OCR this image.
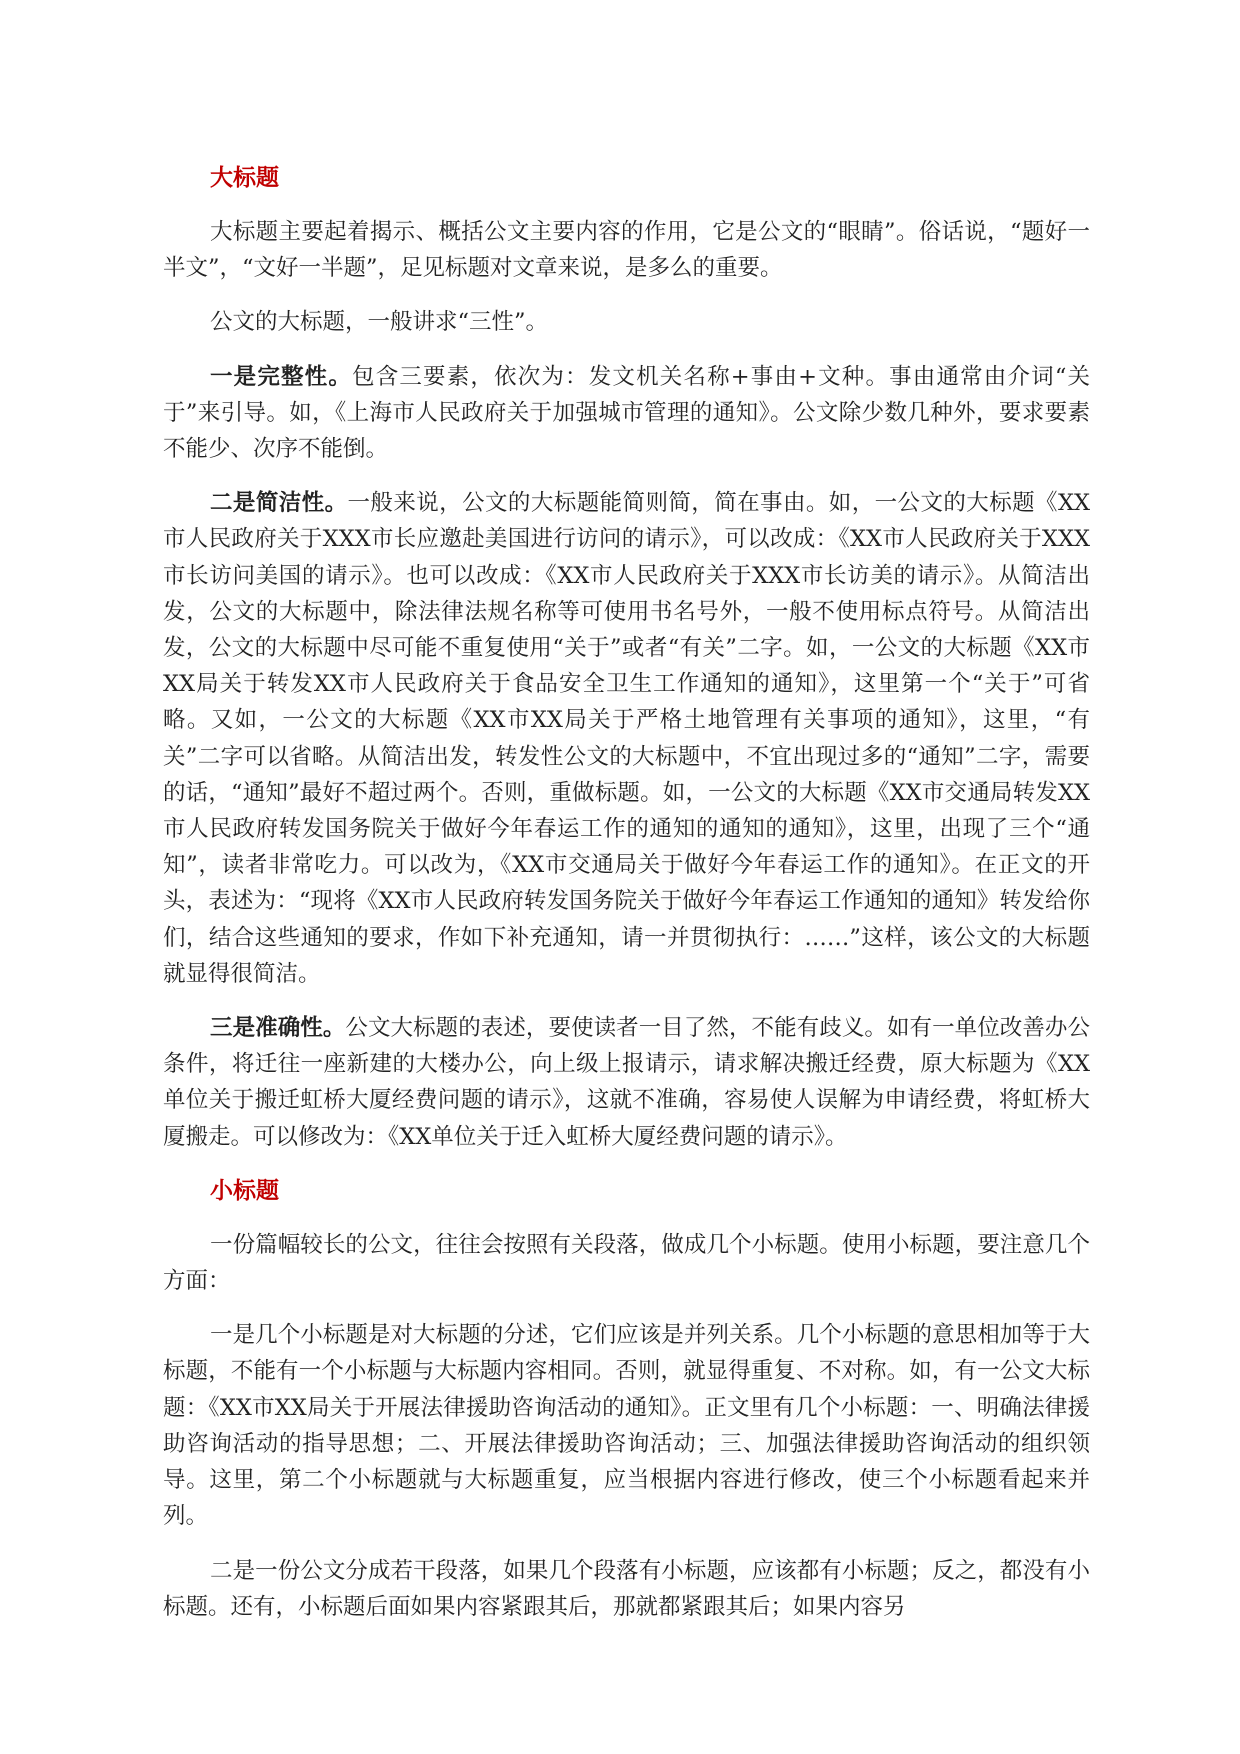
大标题

大标题主要起着揭示、概括公文主要内容的作用，它是公文的“眼睛”。俗话说，“题好一半文”，“文好一半题”，足见标题对文章来说，是多么的重要。

公文的大标题，一般讲求“三性”。

一是完整性。包含三要素，依次为：发文机关名称+事由+文种。事由通常由介词“关于”来引导。如，《上海市人民政府关于加强城市管理的通知》。公文除少数几种外，要求要素不能少、次序不能倒。

二是简洁性。一般来说，公文的大标题能简则简，简在事由。如，一公文的大标题《XX市人民政府关于XXX市长应邀赴美国进行访问的请示》，可以改成：《XX市人民政府关于XXX市长访问美国的请示》。也可以改成：《XX市人民政府关于XXX市长访美的请示》。从简洁出发，公文的大标题中，除法律法规名称等可使用书名号外，一般不使用标点符号。从简洁出发，公文的大标题中尽可能不重复使用“关于”或者“有关”二字。如，一公文的大标题《XX市XX局关于转发XX市人民政府关于食品安全卫生工作通知的通知》，这里第一个“关于”可省略。又如，一公文的大标题《XX市XX局关于严格土地管理有关事项的通知》，这里，“有关”二字可以省略。从简洁出发，转发性公文的大标题中，不宜出现过多的“通知”二字，需要的话，“通知”最好不超过两个。否则，重做标题。如，一公文的大标题《XX市交通局转发XX市人民政府转发国务院关于做好今年春运工作的通知的通知的通知》，这里，出现了三个“通知”，读者非常吃力。可以改为，《XX市交通局关于做好今年春运工作的通知》。在正文的开头，表述为：“现将《XX市人民政府转发国务院关于做好今年春运工作通知的通知》转发给你们，结合这些通知的要求，作如下补充通知，请一并贯彻执行：……”这样，该公文的大标题就显得很简洁。

三是准确性。公文大标题的表述，要使读者一目了然，不能有歧义。如有一单位改善办公条件，将迁往一座新建的大楼办公，向上级上报请示，请求解决搬迁经费，原大标题为《XX单位关于搬迁虹桥大厦经费问题的请示》，这就不准确，容易使人误解为申请经费，将虹桥大厦搬走。可以修改为：《XX单位关于迁入虹桥大厦经费问题的请示》。

小标题

一份篇幅较长的公文，往往会按照有关段落，做成几个小标题。使用小标题，要注意几个方面：

一是几个小标题是对大标题的分述，它们应该是并列关系。几个小标题的意思相加等于大标题，不能有一个小标题与大标题内容相同。否则，就显得重复、不对称。如，有一公文大标题：《XX市XX局关于开展法律援助咨询活动的通知》。正文里有几个小标题：一、明确法律援助咨询活动的指导思想；二、开展法律援助咨询活动；三、加强法律援助咨询活动的组织领导。这里，第二个小标题就与大标题重复，应当根据内容进行修改，使三个小标题看起来并列。

二是一份公文分成若干段落，如果几个段落有小标题，应该都有小标题；反之，都没有小标题。还有，小标题后面如果内容紧跟其后，那就都紧跟其后；如果内容另
